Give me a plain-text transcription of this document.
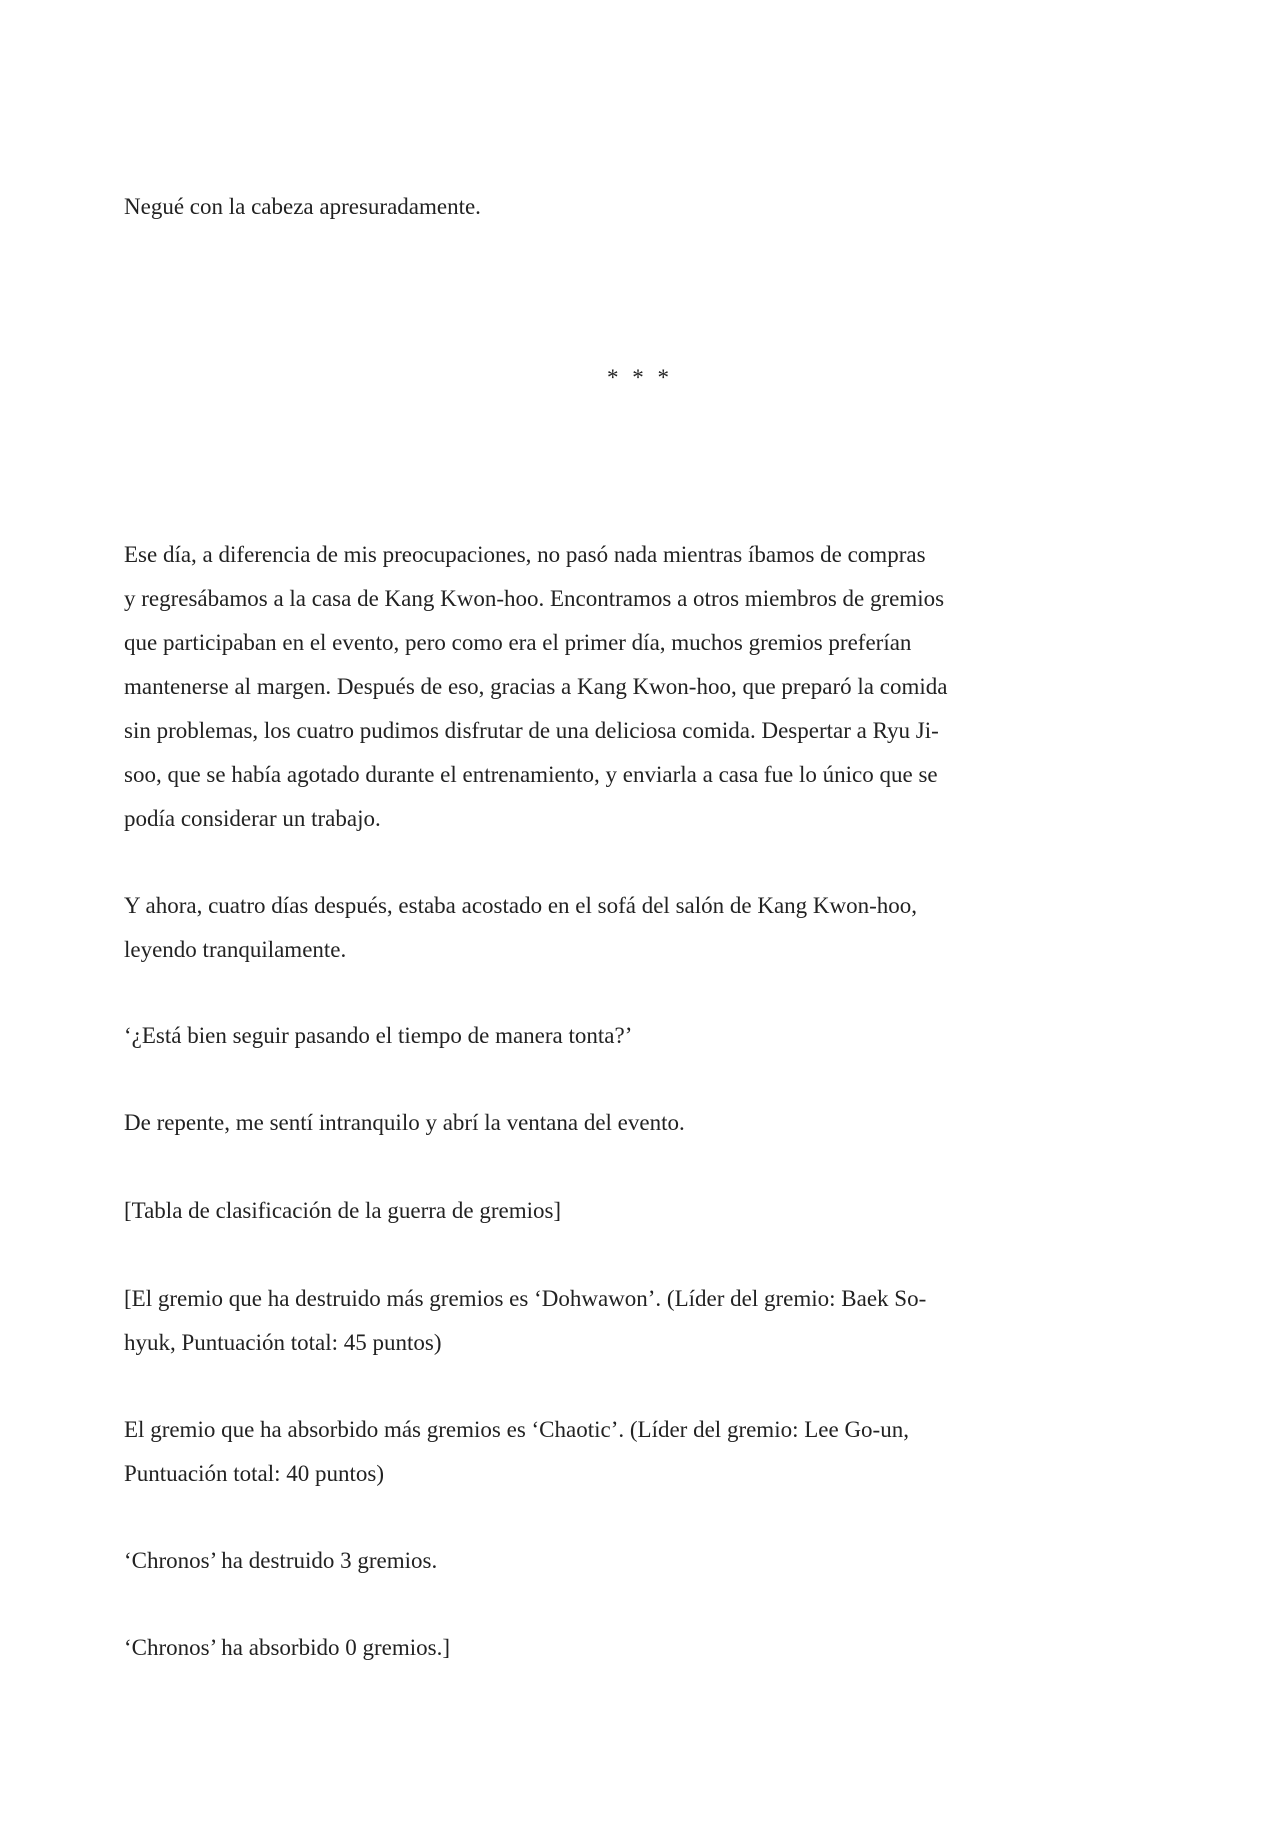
Negué con la cabeza apresuradamente.
* * *
Ese día, a diferencia de mis preocupaciones, no pasó nada mientras íbamos de compras
y regresábamos a la casa de Kang Kwon-hoo. Encontramos a otros miembros de gremios
que participaban en el evento, pero como era el primer día, muchos gremios preferían
mantenerse al margen. Después de eso, gracias a Kang Kwon-hoo, que preparó la comida
sin problemas, los cuatro pudimos disfrutar de una deliciosa comida. Despertar a Ryu Ji-
soo, que se había agotado durante el entrenamiento, y enviarla a casa fue lo único que se
podía considerar un trabajo.
Y ahora, cuatro días después, estaba acostado en el sofá del salón de Kang Kwon-hoo,
leyendo tranquilamente.
‘¿Está bien seguir pasando el tiempo de manera tonta?’
De repente, me sentí intranquilo y abrí la ventana del evento.
[Tabla de clasificación de la guerra de gremios]
[El gremio que ha destruido más gremios es ‘Dohwawon’. (Líder del gremio: Baek So-
hyuk, Puntuación total: 45 puntos)
El gremio que ha absorbido más gremios es ‘Chaotic’. (Líder del gremio: Lee Go-un,
Puntuación total: 40 puntos)
‘Chronos’ ha destruido 3 gremios.
‘Chronos’ ha absorbido 0 gremios.]
